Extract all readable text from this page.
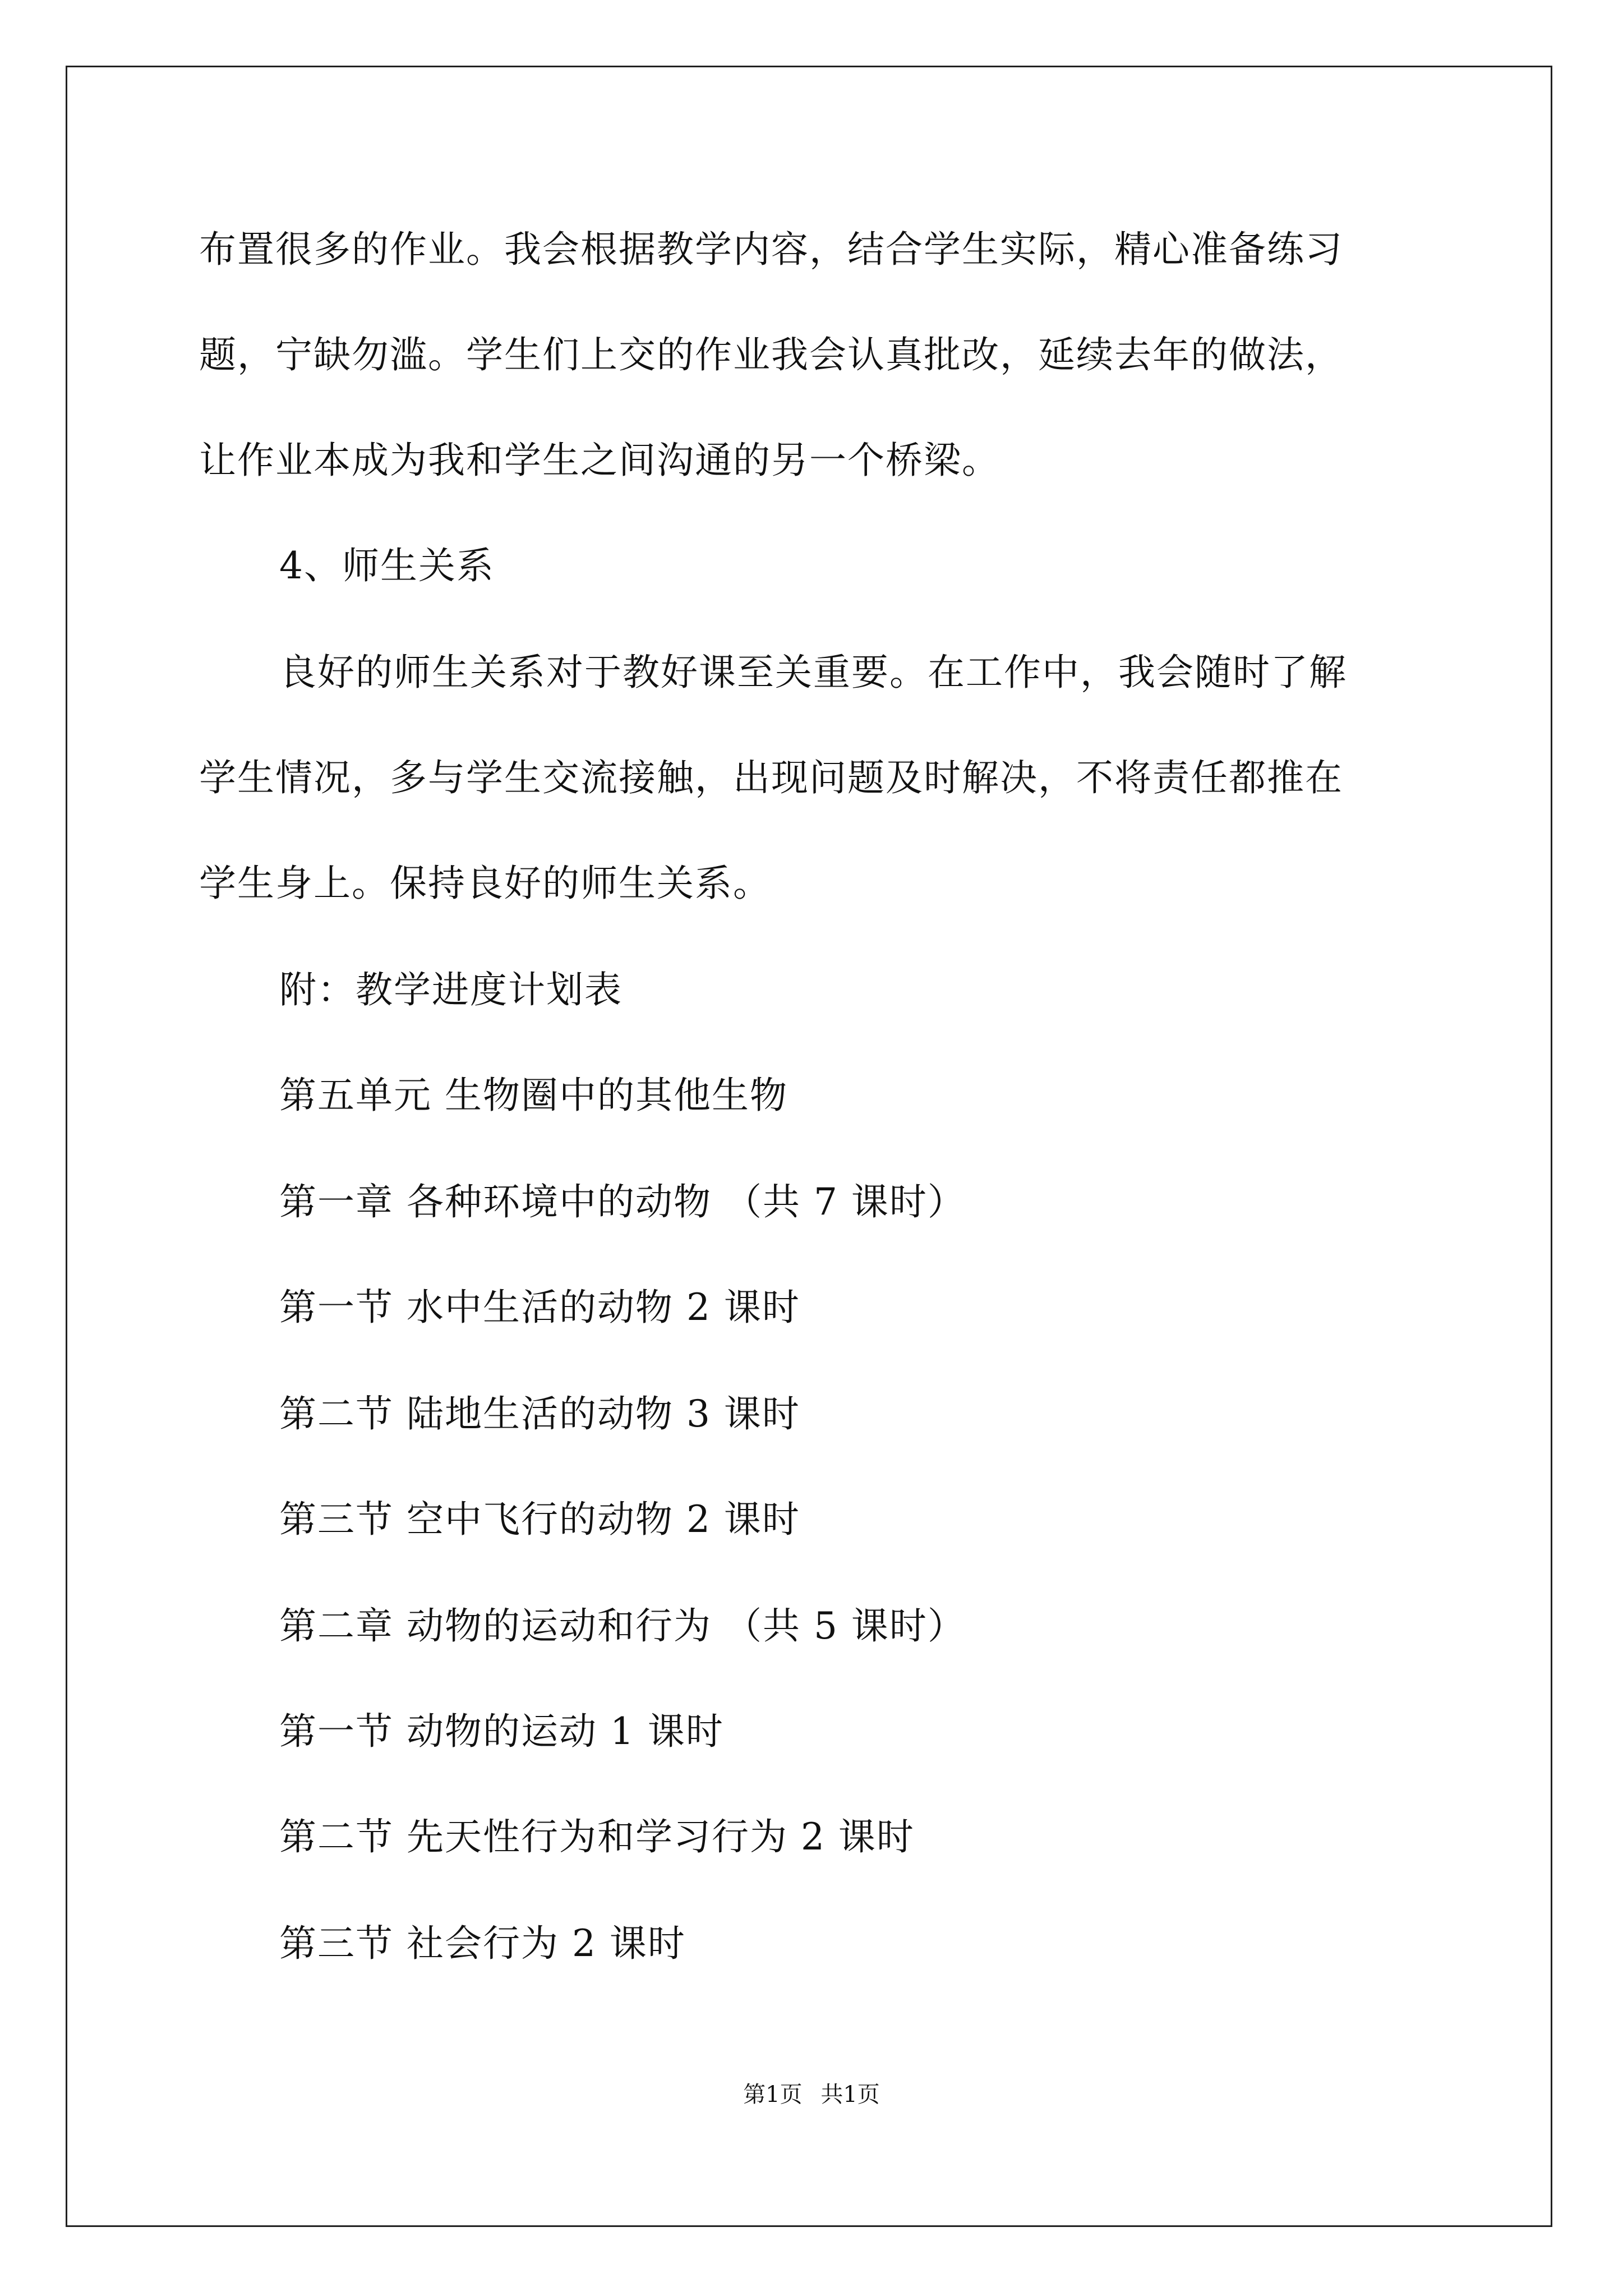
布置很多的作业。我会根据教学内容，结合学生实际，精心准备练习
题，宁缺勿滥。学生们上交的作业我会认真批改，延续去年的做法，
让作业本成为我和学生之间沟通的另一个桥梁。
4、师生关系
良好的师生关系对于教好课至关重要。在工作中，我会随时了解
学生情况，多与学生交流接触，出现问题及时解决，不将责任都推在
学生身上。保持良好的师生关系。
附：教学进度计划表
第五单元 生物圈中的其他生物
第一章 各种环境中的动物 （共 7 课时）
第一节 水中生活的动物 2 课时
第二节 陆地生活的动物 3 课时
第三节 空中飞行的动物 2 课时
第二章 动物的运动和行为 （共 5 课时）
第一节 动物的运动 1 课时
第二节 先天性行为和学习行为 2 课时
第三节 社会行为 2 课时
第1页 共1页
